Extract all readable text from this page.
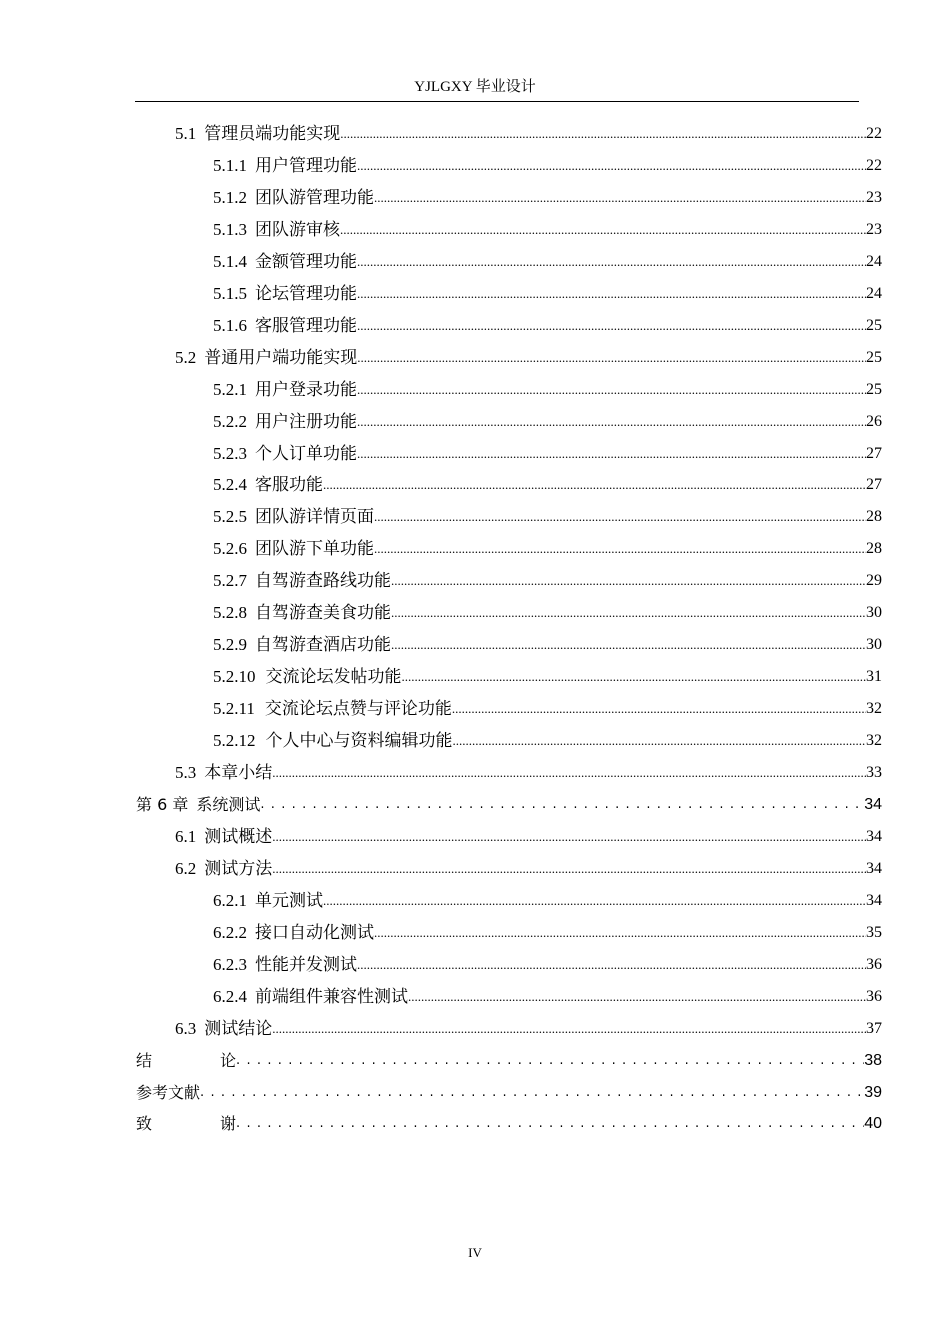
YJLGXY 毕业设计
5.1 管理员端功能实现 .....	22
5.1.1 用户管理功能 .....	22
5.1.2 团队游管理功能 .....	23
5.1.3 团队游审核 .....	23
5.1.4 金额管理功能 .....	24
5.1.5 论坛管理功能 .....	24
5.1.6 客服管理功能 .....	25
5.2 普通用户端功能实现 .....	25
5.2.1 用户登录功能 .....	25
5.2.2 用户注册功能 .....	26
5.2.3 个人订单功能 .....	27
5.2.4 客服功能 .....	27
5.2.5 团队游详情页面 .....	28
5.2.6 团队游下单功能 .....	28
5.2.7 自驾游查路线功能 .....	29
5.2.8 自驾游查美食功能 .....	30
5.2.9 自驾游查酒店功能 .....	30
5.2.10 交流论坛发帖功能 .....	31
5.2.11 交流论坛点赞与评论功能 .....	32
5.2.12 个人中心与资料编辑功能 .....	32
5.3 本章小结 .....	33
第 6 章 系统测试 .....	34
6.1 测试概述 .....	34
6.2 测试方法 .....	34
6.2.1 单元测试 .....	34
6.2.2 接口自动化测试 .....	35
6.2.3 性能并发测试 .....	36
6.2.4 前端组件兼容性测试 .....	36
6.3 测试结论 .....	37
结	论 .....	38
参考文献 .....	39
致	谢 .....	40
IV
